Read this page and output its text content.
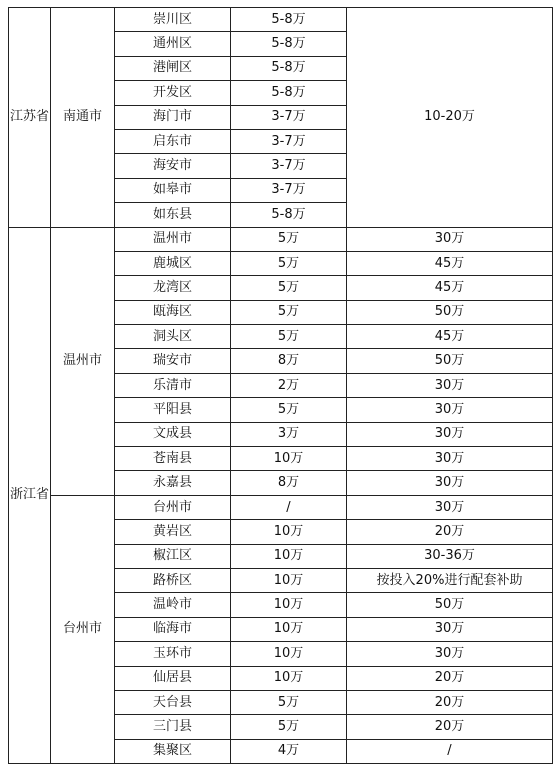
江苏省	南通市	崇川区	5-8万	10-20万
		通州区	5-8万	
		港闸区	5-8万	
		开发区	5-8万	
		海门市	3-7万	
		启东市	3-7万	
		海安市	3-7万	
		如皋市	3-7万	
		如东县	5-8万	
浙江省	温州市	温州市	5万	30万
		鹿城区	5万	45万
		龙湾区	5万	45万
		瓯海区	5万	50万
		洞头区	5万	45万
		瑞安市	8万	50万
		乐清市	2万	30万
		平阳县	5万	30万
		文成县	3万	30万
		苍南县	10万	30万
		永嘉县	8万	30万
	台州市	台州市	/	30万
		黄岩区	10万	20万
		椒江区	10万	30-36万
		路桥区	10万	按投入20%进行配套补助
		温岭市	10万	50万
		临海市	10万	30万
		玉环市	10万	30万
		仙居县	10万	20万
		天台县	5万	20万
		三门县	5万	20万
		集聚区	4万	/
